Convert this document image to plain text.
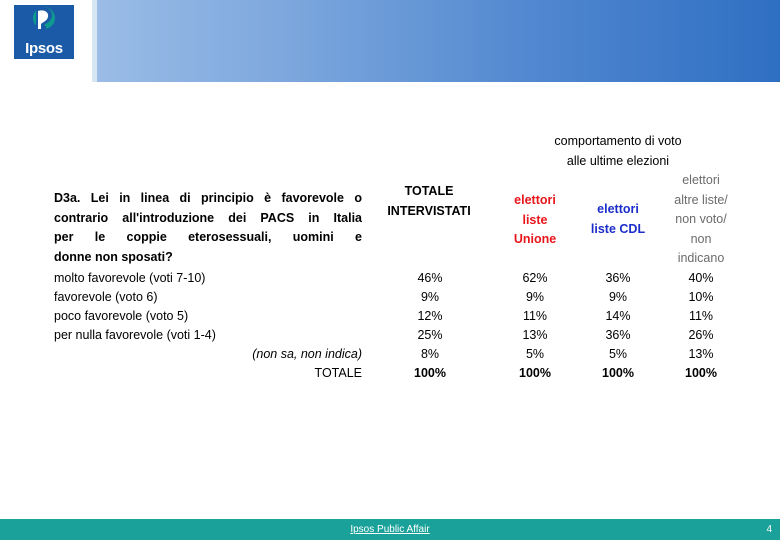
Ipsos
comportamento di voto
alle ultime elezioni
D3a. Lei in linea di principio è favorevole o
contrario all'introduzione dei PACS in Italia
per le coppie eterosessuali, uomini e
donne non sposati?
TOTALE
INTERVISTATI
elettori
liste
Unione
elettori
liste CDL
elettori
altre liste/
non voto/
non
indicano
molto favorevole (voti 7-10)	46%	62%	36%	40%
favorevole (voto 6)	9%	9%	9%	10%
poco favorevole (voto 5)	12%	11%	14%	11%
per nulla favorevole (voti 1-4)	25%	13%	36%	26%
(non sa, non indica)	8%	5%	5%	13%
TOTALE	100%	100%	100%	100%
Ipsos Public Affair	4
